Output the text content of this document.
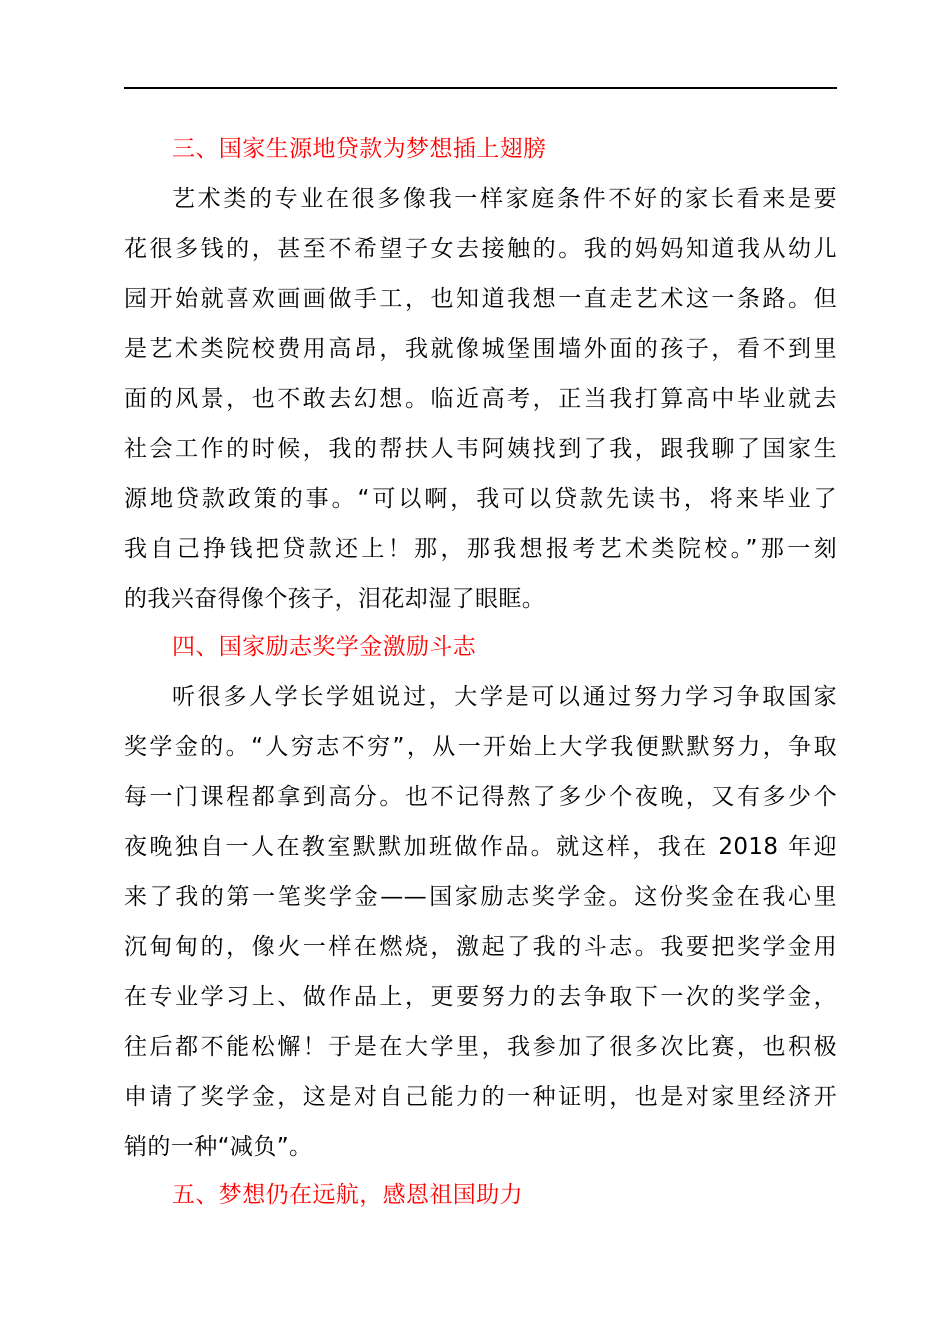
三、国家生源地贷款为梦想插上翅膀
艺术类的专业在很多像我一样家庭条件不好的家长看来是要
花很多钱的，甚至不希望子女去接触的。我的妈妈知道我从幼儿
园开始就喜欢画画做手工，也知道我想一直走艺术这一条路。但
是艺术类院校费用高昂，我就像城堡围墙外面的孩子，看不到里
面的风景，也不敢去幻想。临近高考，正当我打算高中毕业就去
社会工作的时候，我的帮扶人韦阿姨找到了我，跟我聊了国家生
源地贷款政策的事。“可以啊，我可以贷款先读书，将来毕业了
我自己挣钱把贷款还上！那，那我想报考艺术类院校。”那一刻
的我兴奋得像个孩子，泪花却湿了眼眶。
四、国家励志奖学金激励斗志
听很多人学长学姐说过，大学是可以通过努力学习争取国家
奖学金的。“人穷志不穷”，从一开始上大学我便默默努力，争取
每一门课程都拿到高分。也不记得熬了多少个夜晚，又有多少个
夜晚独自一人在教室默默加班做作品。就这样，我在 2018 年迎
来了我的第一笔奖学金——国家励志奖学金。这份奖金在我心里
沉甸甸的，像火一样在燃烧，激起了我的斗志。我要把奖学金用
在专业学习上、做作品上，更要努力的去争取下一次的奖学金，
往后都不能松懈！于是在大学里，我参加了很多次比赛，也积极
申请了奖学金，这是对自己能力的一种证明，也是对家里经济开
销的一种“减负”。
五、梦想仍在远航，感恩祖国助力
